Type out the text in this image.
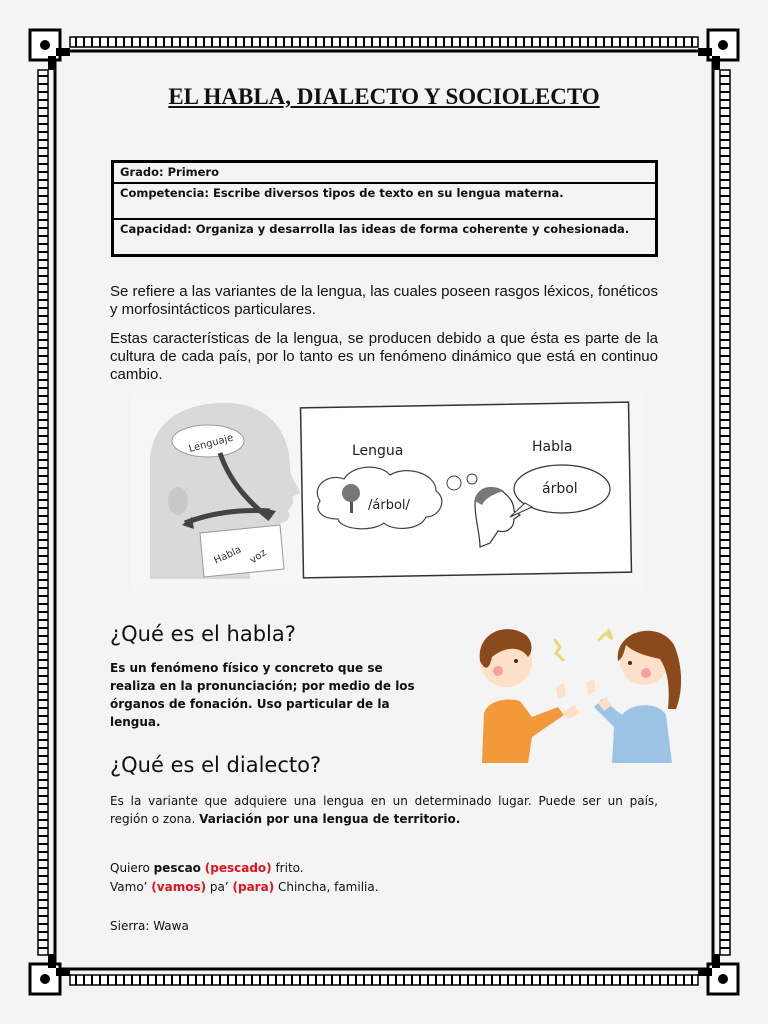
EL HABLA, DIALECTO Y SOCIOLECTO
Grado: Primero
Competencia: Escribe diversos tipos de texto en su lengua materna.
Capacidad: Organiza y desarrolla las ideas de forma coherente y cohesionada.

Se refiere a las variantes de la lengua, las cuales poseen rasgos léxicos, fonéticos y morfosintácticos particulares.

Estas características de la lengua, se producen debido a que ésta es parte de la cultura de cada país, por lo tanto es un fenómeno dinámico que está en continuo cambio.

Lenguaje
Habla voz
Lengua	Habla
/árbol/
árbol
¿Qué es el habla?

Es un fenómeno físico y concreto que se realiza en la pronunciación; por medio de los órganos de fonación. Uso particular de la lengua.

¿Qué es el dialecto?

Es la variante que adquiere una lengua en un determinado lugar. Puede ser un país, región o zona. Variación por una lengua de territorio.

Quiero pescao (pescado) frito.

Vamo’ (vamos) pa’ (para) Chincha, familia.

Sierra: Wawa
